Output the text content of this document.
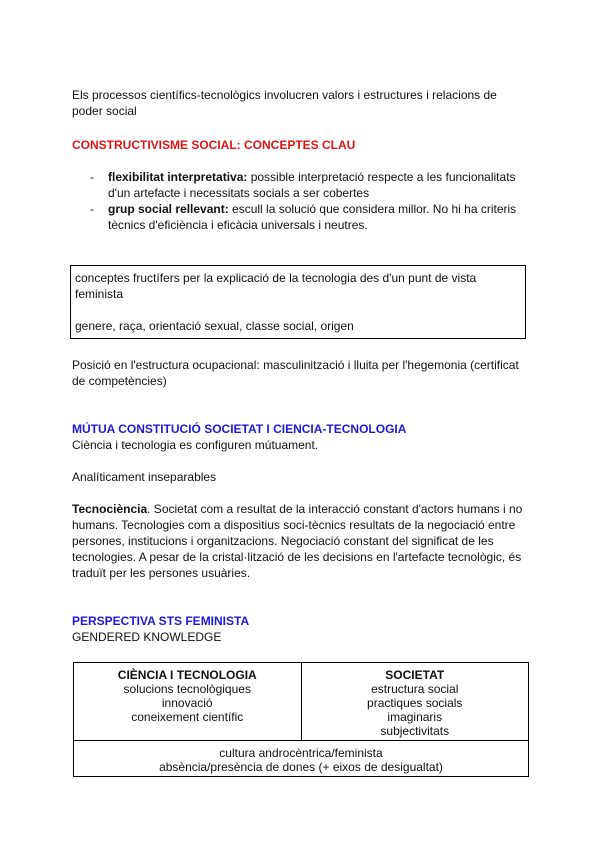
Els processos científics-tecnològics involucren valors i estructures i relacions de poder social

CONSTRUCTIVISME SOCIAL: CONCEPTES CLAU

-	flexibilitat interpretativa: possible interpretació respecte a les funcionalitats d'un artefacte i necessitats socials a ser cobertes
-	grup social rellevant: escull la solució que considera millor. No hi ha criteris tècnics d'eficiència i eficàcia universals i neutres.

conceptes fructífers per la explicació de la tecnologia des d'un punt de vista feminista

genere, raça, orientació sexual, classe social, origen

Posició en l'estructura ocupacional: masculinització i lluita per l'hegemonia (certificat de competències)

MÚTUA CONSTITUCIÓ SOCIETAT I CIENCIA-TECNOLOGIA

Ciència i tecnologia es configuren mútuament.

Analíticament inseparables

Tecnociència. Societat com a resultat de la interacció constant d'actors humans i no humans. Tecnologies com a dispositius soci-tècnics resultats de la negociació entre persones, institucions i organitzacions. Negociació constant del significat de les tecnologies. A pesar de la cristal·lització de les decisions en l'artefacte tecnològic, és traduït per les persones usuàries.

PERSPECTIVA STS FEMINISTA

GENDERED KNOWLEDGE

CIÈNCIA I TECNOLOGIA
solucions tecnològiques
innovació
coneixement científic

SOCIETAT
estructura social
practiques socials
imaginaris
subjectivitats

cultura androcèntrica/feminista
absència/presència de dones (+ eixos de desigualtat)
